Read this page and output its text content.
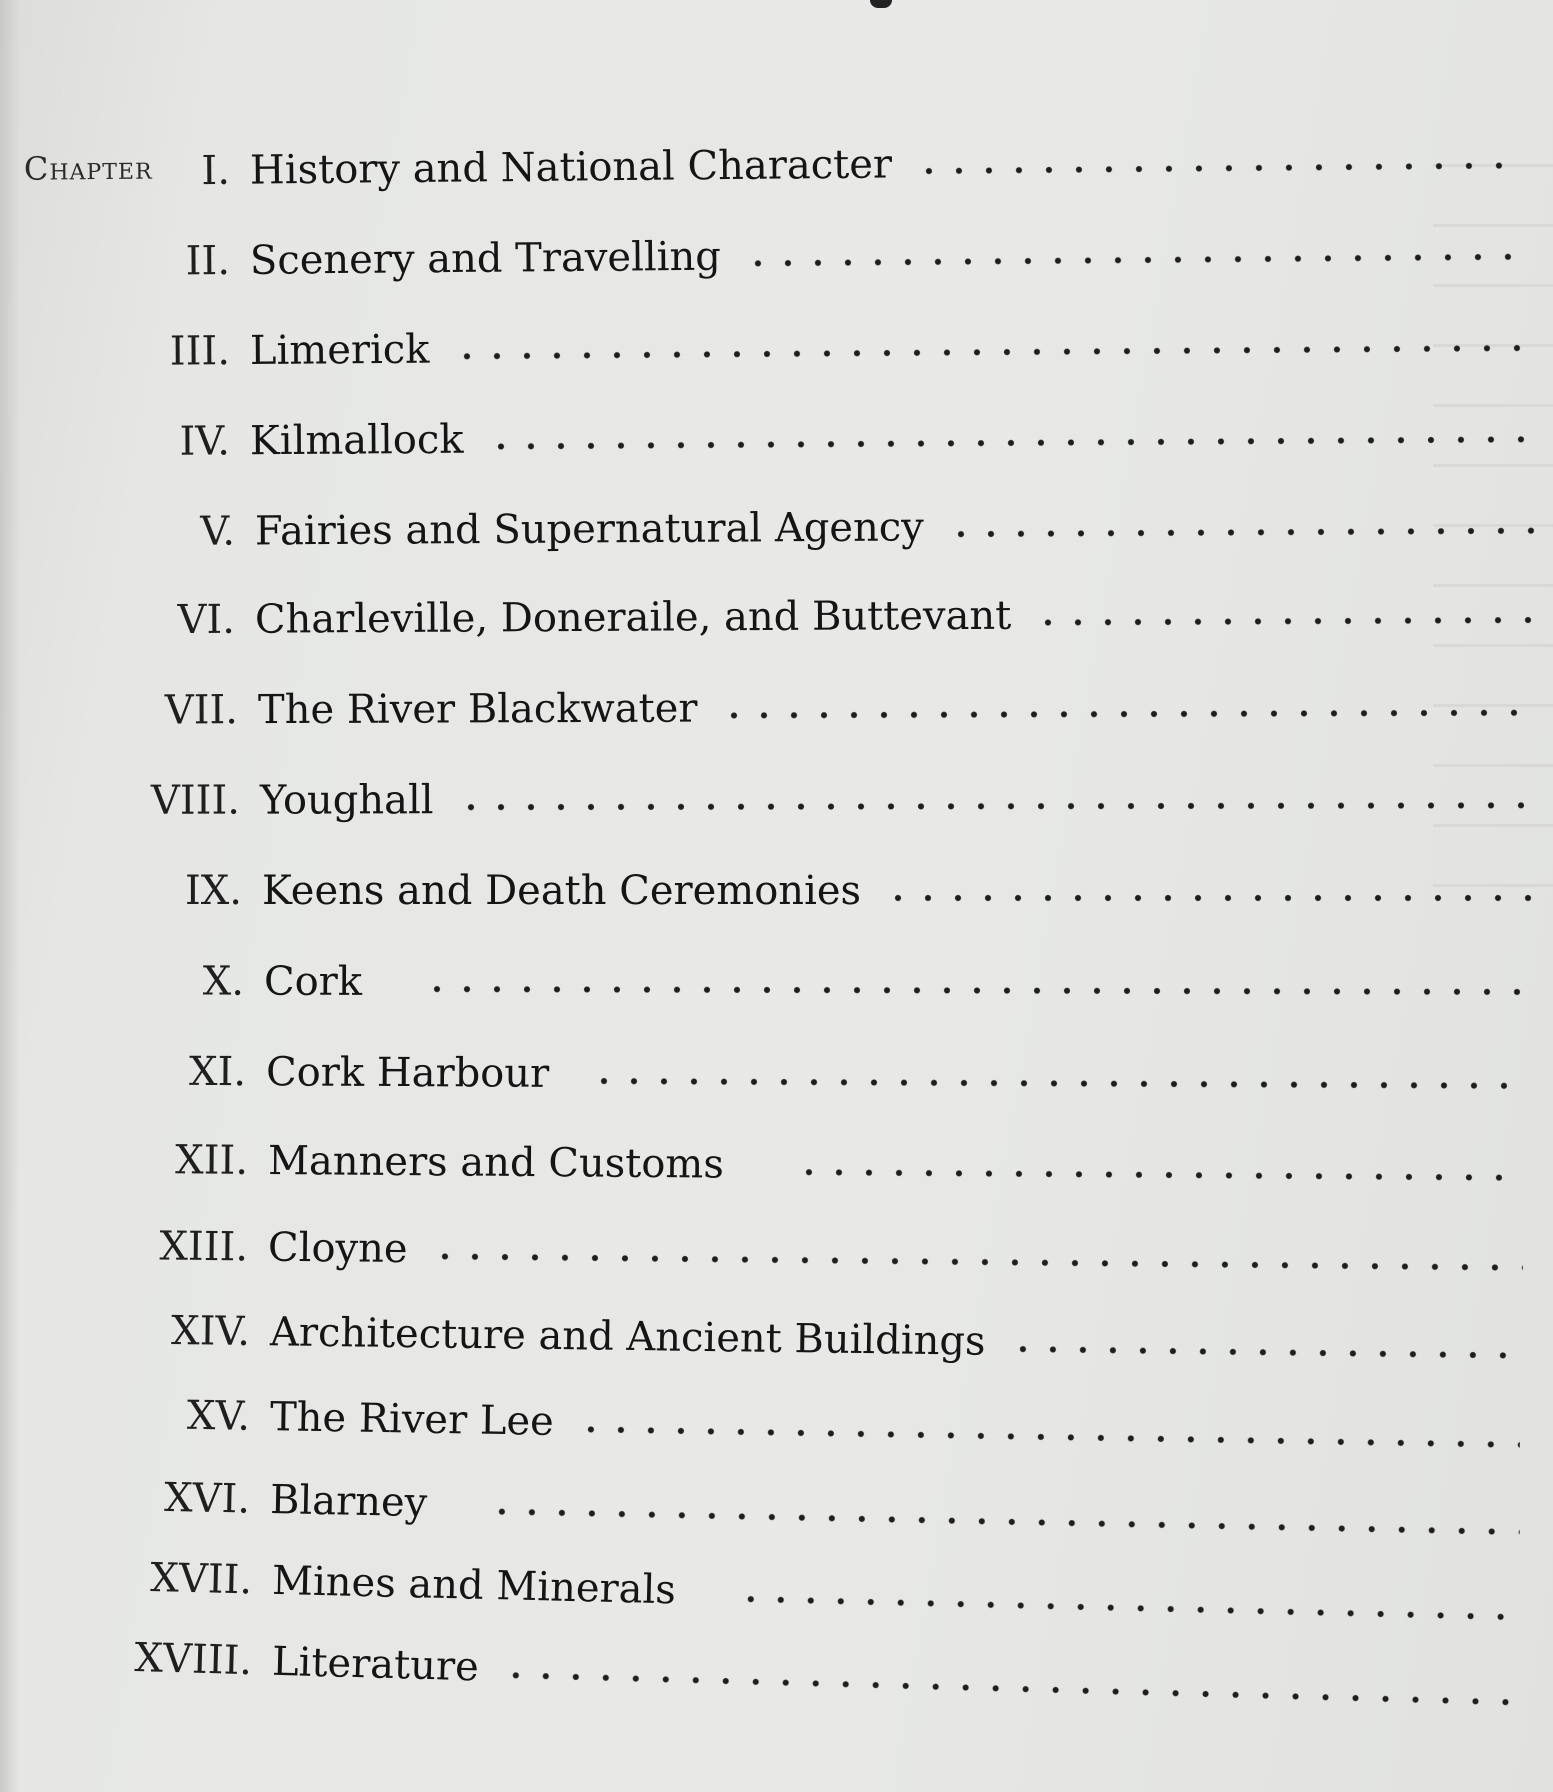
Chapter	I. History and National Character
II. Scenery and Travelling
III. Limerick
IV. Kilmallock
V. Fairies and Supernatural Agency
VI. Charleville, Doneraile, and Buttevant
VII. The River Blackwater
VIII. Youghall
IX. Keens and Death Ceremonies
X. Cork
XI. Cork Harbour
XII. Manners and Customs
XIII. Cloyne
XIV. Architecture and Ancient Buildings
XV. The River Lee
XVI. Blarney
XVII. Mines and Minerals
XVIII. Literature
